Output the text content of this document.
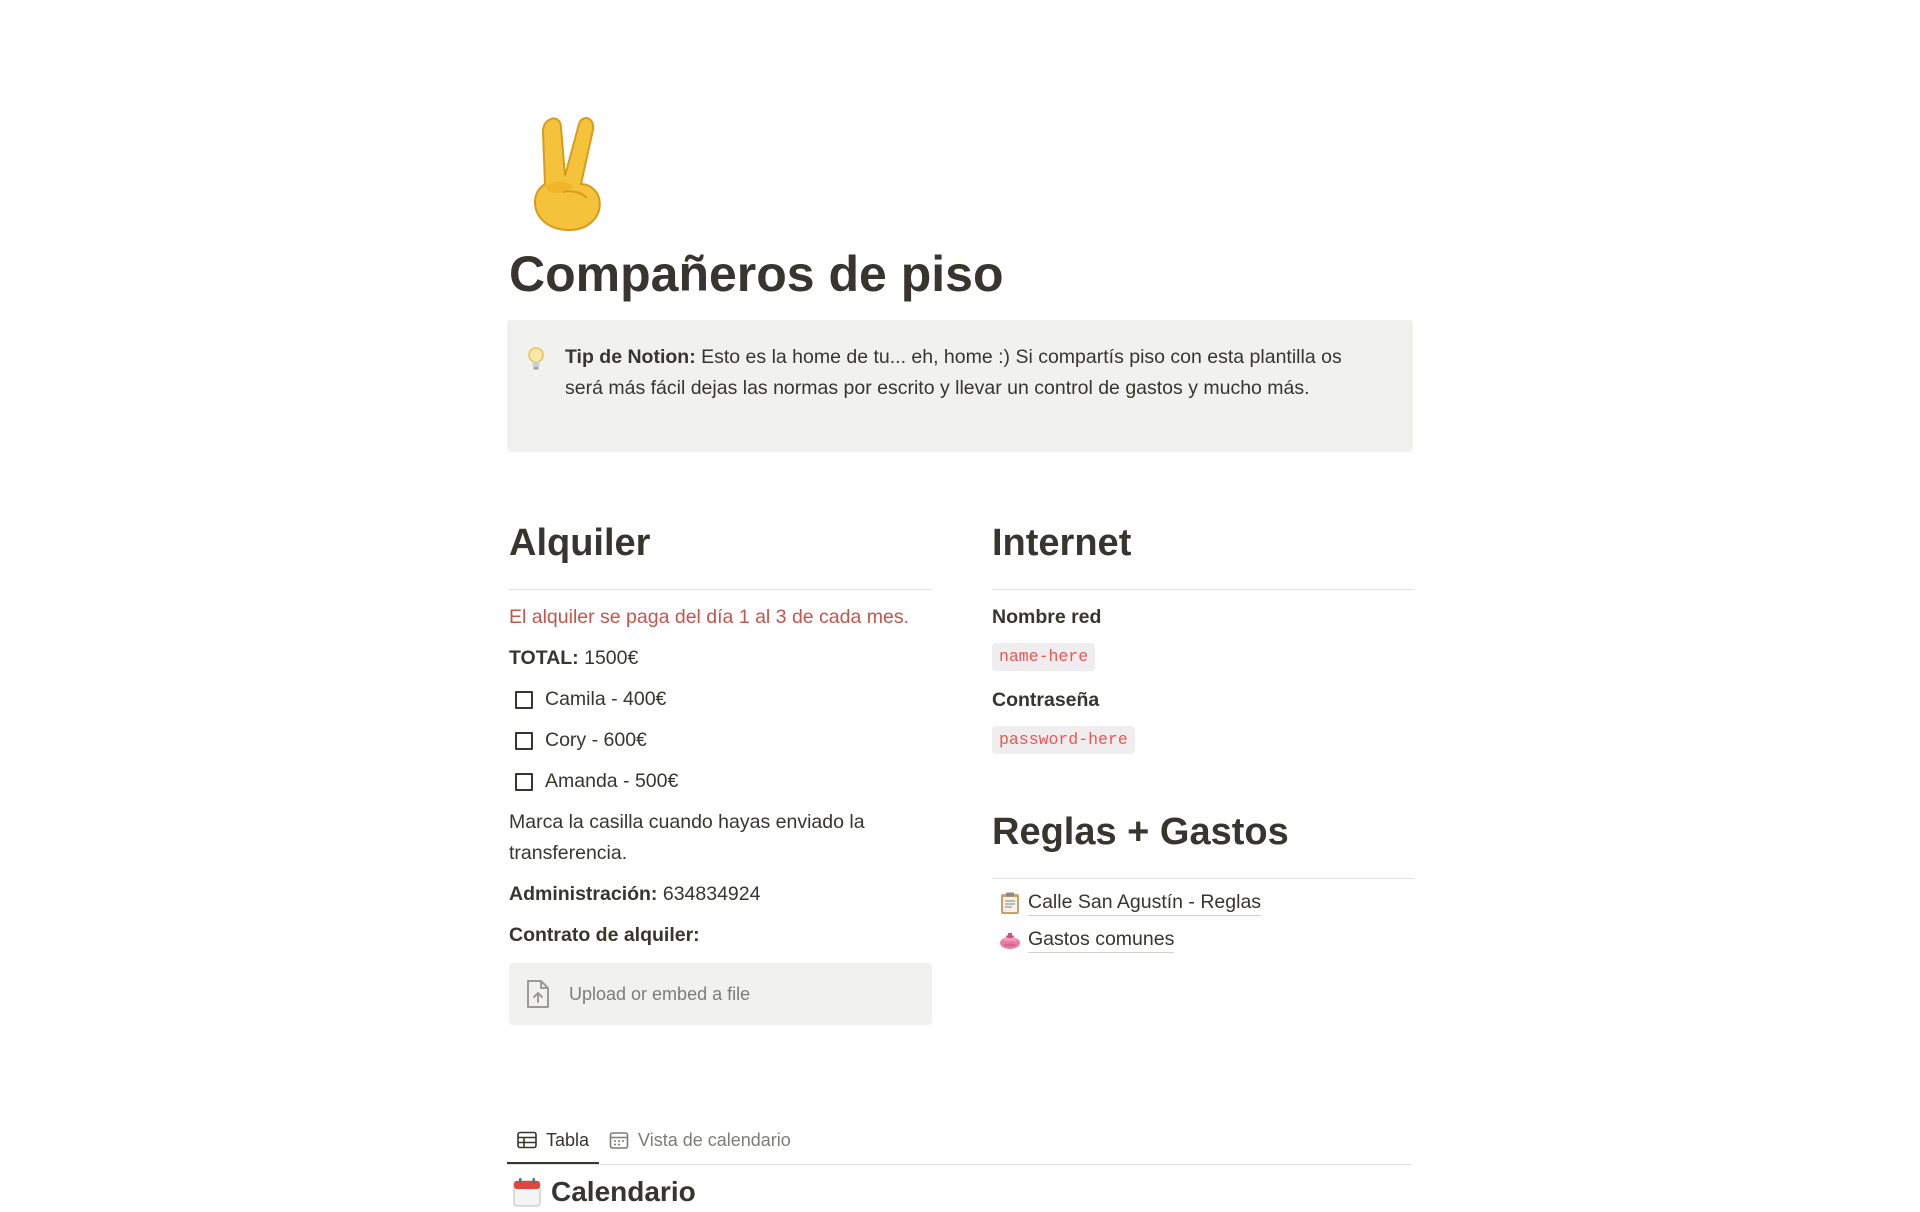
Compañeros de piso

Tip de Notion: Esto es la home de tu... eh, home :) Si compartís piso con esta plantilla os será más fácil dejas las normas por escrito y llevar un control de gastos y mucho más.

Alquiler

El alquiler se paga del día 1 al 3 de cada mes.

TOTAL: 1500€

Camila - 400€
Cory - 600€
Amanda - 500€

Marca la casilla cuando hayas enviado la transferencia.

Administración: 634834924

Contrato de alquiler:

Upload or embed a file
Internet

Nombre red

name-here

Contraseña

password-here
Reglas + Gastos
Calle San Agustín - Reglas
Gastos comunes
Tabla	Vista de calendario
Calendario
